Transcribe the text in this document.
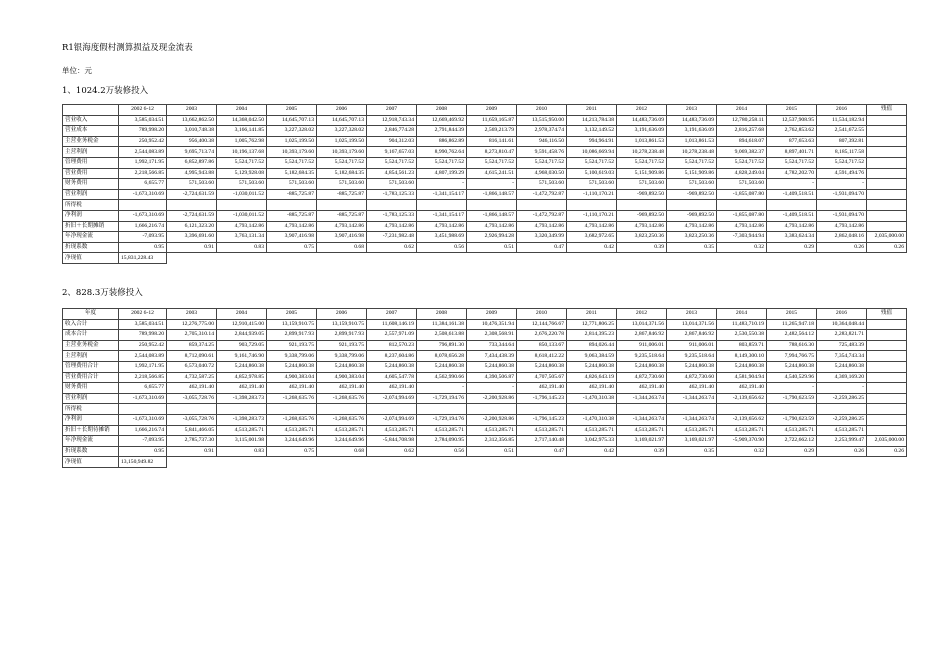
R1银海度假村测算损益及现金流表
单位：元
1、1024.2万装修投入
	2002 6-12	2003	2004	2005	2006	2007	2008	2009	2010	2011	2012	2013	2014	2015	2016	残值
营业收入	3,585,034.51	13,662,862.50	14,368,042.50	14,645,707.13	14,645,707.13	12,918,743.34	12,669,469.92	11,659,165.87	13,515,950.00	14,213,784.38	14,483,736.09	14,483,736.09	12,780,258.11	12,537,908.95	11,534,182.94	
营业成本	789,998.20	3,010,748.38	3,166,141.85	3,227,328.02	3,227,328.02	2,846,774.28	2,791,844.39	2,569,213.79	2,978,374.74	3,132,149.52	3,191,636.09	3,191,636.09	2,816,257.68	2,762,853.62	2,541,672.55	
主营业务税金	250,952.42	956,400.38	1,005,762.98	1,025,199.50	1,025,199.50	904,312.03	886,862.89	816,141.61	946,116.50	994,964.91	1,013,861.53	1,013,861.53	894,618.07	877,653.63	807,392.81	
主营利润	2,544,083.89	9,695,713.74	10,196,137.68	10,393,179.60	10,393,179.60	9,167,657.03	8,990,762.64	8,273,810.47	9,591,458.76	10,086,669.94	10,278,238.48	10,278,238.48	9,069,382.37	8,897,401.71	8,185,117.58	
管理费用	1,992,171.95	6,852,897.86	5,524,717.52	5,524,717.52	5,524,717.52	5,524,717.52	5,524,717.52	5,524,717.52	5,524,717.52	5,524,717.52	5,524,717.52	5,524,717.52	5,524,717.52	5,524,717.52	5,524,717.52	
营业费用	2,218,566.85	4,995,943.88	5,129,928.08	5,182,684.35	5,182,684.35	4,854,561.23	4,807,199.29	4,615,241.51	4,968,030.50	5,100,619.03	5,151,909.86	5,151,909.86	4,828,249.04	4,782,202.70	4,591,494.76	
财务费用	6,655.77	571,503.60	571,503.60	571,503.60	571,503.60	571,503.60	-	-	571,503.60	571,503.60	571,503.60	571,503.60	571,503.60	-	-	
营业利润	-1,673,310.69	-2,724,631.59	-1,030,011.52	-885,725.87	-885,725.87	-1,783,125.33	-1,341,154.17	-1,866,148.57	-1,472,792.87	-1,110,170.21	-969,892.50	-969,892.50	-1,855,087.80	-1,409,518.51	-1,931,094.70	
所得税																
净利润	-1,673,310.69	-2,724,631.59	-1,030,011.52	-885,725.87	-885,725.87	-1,783,125.33	-1,341,154.17	-1,866,148.57	-1,472,792.87	-1,110,170.21	-969,892.50	-969,892.50	-1,855,087.80	-1,409,518.51	-1,931,094.70	
折旧＋长期摊销	1,666,216.74	6,121,323.20	4,793,142.86	4,793,142.86	4,793,142.86	4,793,142.86	4,793,142.86	4,793,142.86	4,793,142.86	4,793,142.86	4,793,142.86	4,793,142.86	4,793,142.86	4,793,142.86	4,793,142.86	
年净现金流	-7,093.95	3,396,691.60	3,763,131.34	3,907,416.98	3,907,416.98	-7,231,982.48	3,451,988.69	2,926,994.28	3,320,349.99	3,682,972.65	3,823,250.36	3,823,250.36	-7,303,944.94	3,383,624.34	2,862,048.16	2,035,000.00
折现系数	0.95	0.91	0.83	0.75	0.68	0.62	0.56	0.51	0.47	0.42	0.39	0.35	0.32	0.29	0.26	0.26
净现值	15,831,228.43															
2、828.3万装修投入
年度	2002 6-12	2003	2004	2005	2006	2007	2008	2009	2010	2011	2012	2013	2014	2015	2016	残值
收入合计	3,585,034.51	12,276,775.00	12,910,415.00	13,159,910.75	13,159,910.75	11,608,146.19	11,384,161.38	10,476,351.94	12,144,766.67	12,771,806.25	13,014,371.56	13,014,371.56	11,483,710.19	11,265,947.18	10,364,048.44	
成本合计	789,998.20	2,705,310.14	2,844,939.05	2,899,917.93	2,899,917.93	2,557,971.09	2,508,613.88	2,308,568.91	2,676,220.78	2,814,395.23	2,867,846.92	2,867,846.92	2,530,550.38	2,482,564.12	2,283,821.71	
主营业务税金	250,952.42	859,374.25	903,729.05	921,193.75	921,193.75	812,570.23	796,891.30	733,344.64	850,133.67	894,026.44	911,006.01	911,006.01	803,859.71	788,616.30	725,483.39	
主营利润	2,544,083.89	8,712,090.61	9,161,746.90	9,338,799.06	9,338,799.06	8,237,604.86	8,078,656.28	7,434,438.39	8,618,412.22	9,063,384.59	9,235,518.64	9,235,518.64	8,149,300.10	7,994,766.75	7,354,743.34	
管理费用合计	1,992,171.95	6,573,040.72	5,244,860.38	5,244,860.38	5,244,860.38	5,244,860.38	5,244,860.38	5,244,860.38	5,244,860.38	5,244,860.38	5,244,860.38	5,244,860.38	5,244,860.38	5,244,860.38	5,244,860.38	
营业费用合计	2,218,566.85	4,732,587.25	4,852,978.85	4,900,383.04	4,900,383.04	4,605,547.78	4,562,990.66	4,390,506.87	4,707,505.67	4,826,643.19	4,872,730.60	4,872,730.60	4,581,904.94	4,540,529.96	4,369,169.20	
财务费用	6,655.77	462,191.40	462,191.40	462,191.40	462,191.40	462,191.40	-	-	462,191.40	462,191.40	462,191.40	462,191.40	462,191.40	-	-	
营业利润	-1,673,310.69	-3,055,728.76	-1,398,283.73	-1,268,635.76	-1,268,635.76	-2,074,994.69	-1,729,194.76	-2,200,928.86	-1,796,145.23	-1,470,310.38	-1,344,263.74	-1,344,263.74	-2,139,656.62	-1,790,623.59	-2,259,286.25	
所得税																
净利润	-1,673,310.69	-3,055,728.76	-1,398,283.73	-1,268,635.76	-1,268,635.76	-2,074,994.69	-1,729,194.76	-2,200,928.86	-1,796,145.23	-1,470,310.38	-1,344,263.74	-1,344,263.74	-2,139,656.62	-1,790,623.59	-2,259,286.25	
折旧＋长期待摊销	1,666,216.74	5,841,466.05	4,513,285.71	4,513,285.71	4,513,285.71	4,513,285.71	4,513,285.71	4,513,285.71	4,513,285.71	4,513,285.71	4,513,285.71	4,513,285.71	4,513,285.71	4,513,285.71	4,513,285.71	
年净现金流	-7,093.95	2,785,737.30	3,115,001.98	3,244,649.96	3,244,649.96	-5,844,708.98	2,784,090.95	2,312,356.85	2,717,140.48	3,042,975.33	3,169,021.97	3,169,021.97	-5,909,370.90	2,722,662.12	2,253,999.47	2,035,000.00
折现系数	0.95	0.91	0.83	0.75	0.68	0.62	0.56	0.51	0.47	0.42	0.39	0.35	0.32	0.29	0.26	0.26
净现值	13,150,949.82															
